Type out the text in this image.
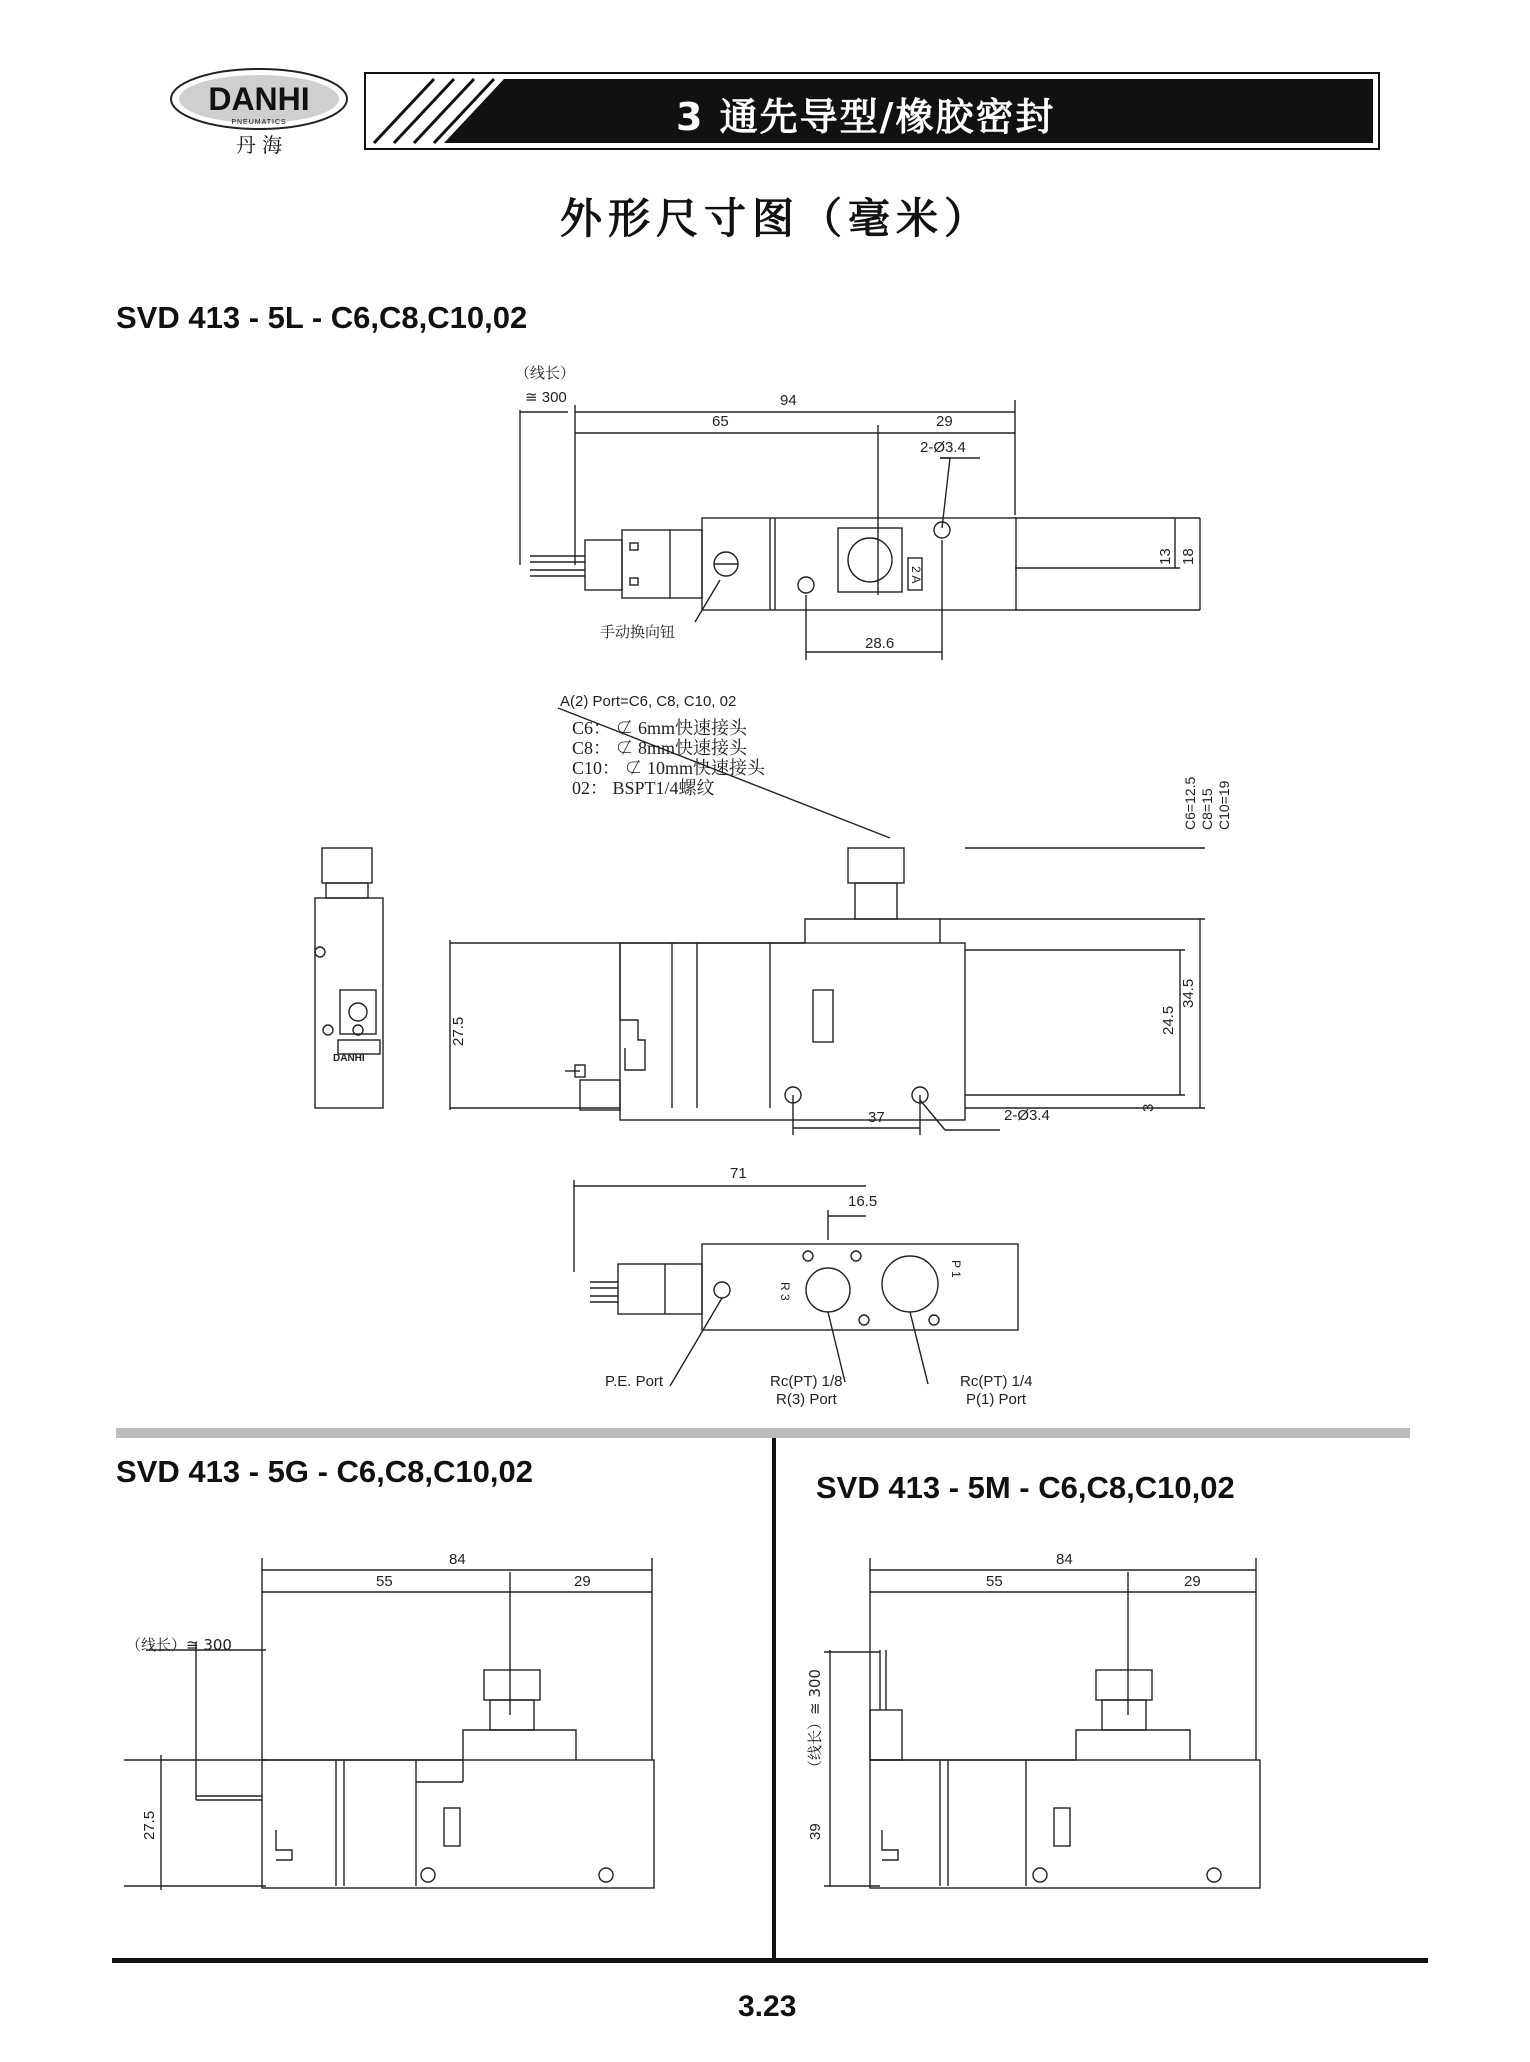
DANHI
PNEUMATICS
丹 海
3 通先导型/橡胶密封
外形尺寸图（毫米）
SVD 413 - 5L - C6,C8,C10,02
（线长）
≅ 300	94
65	29
2-Ø3.4
28.6
手动换向钮
2 A
13 18
A(2) Port=C6, C8, C10, 02
C6： ⊄ 6mm快速接头
C8： ⊄ 8mm快速接头
C10： ⊄ 10mm快速接头
02： BSPT1/4螺纹	C6=12.5 C8=15 C10=19
27.5
34.5
24.5
3
37	2-Ø3.4
DANHI
71
16.5
P 1
R 3
P.E. Port	Rc(PT) 1/8
R(3) Port
Rc(PT) 1/4
P(1) Port
SVD 413 - 5G - C6,C8,C10,02
84
55	29
（线长）≅ 300
27.5
SVD 413 - 5M - C6,C8,C10,02
84
55	29
（线长）≅ 300
39
3.23
